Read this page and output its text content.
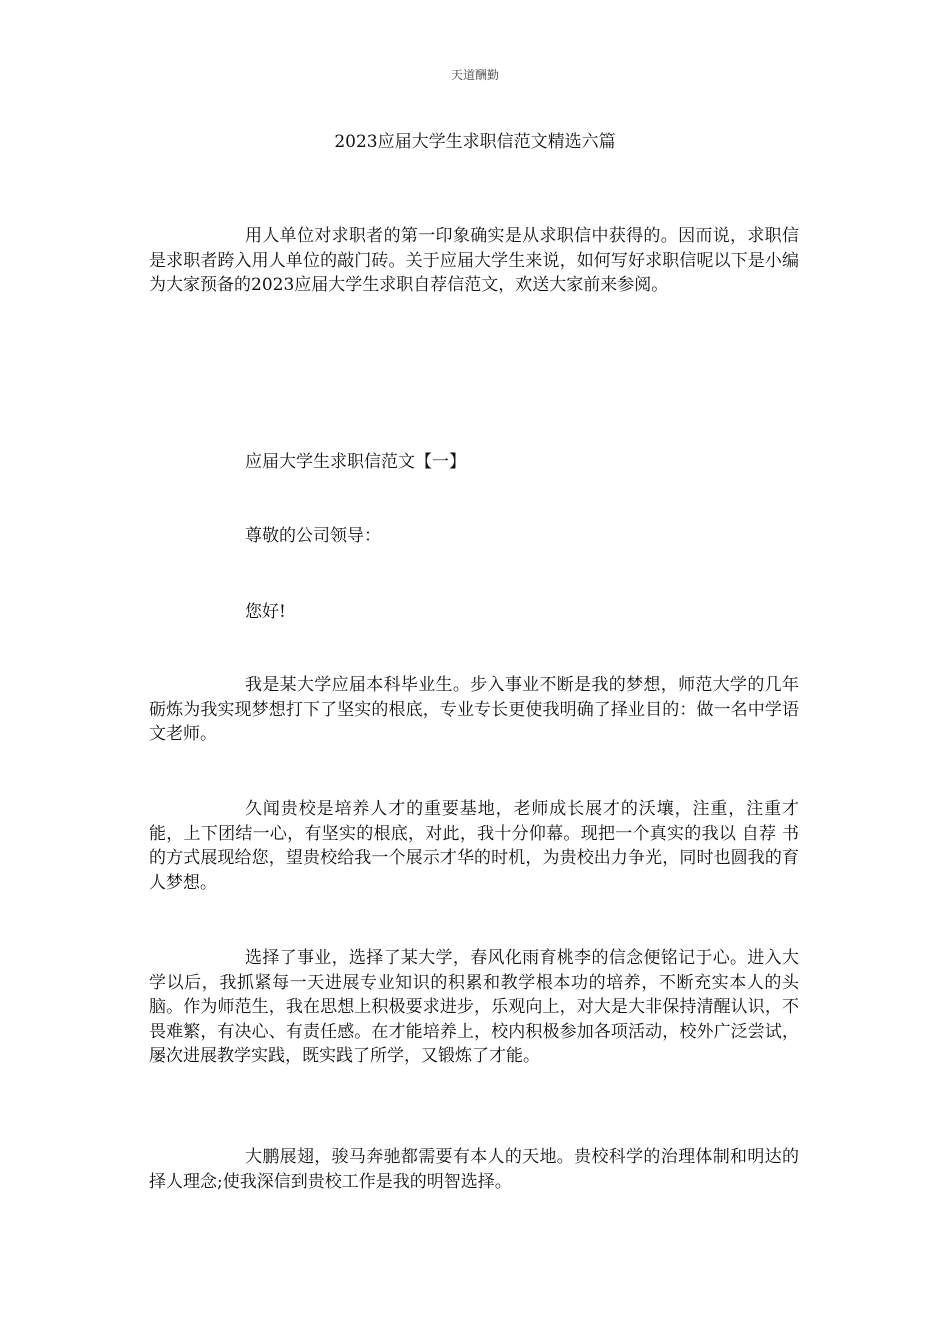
天道酬勤
2023应届大学生求职信范文精选六篇

用人单位对求职者的第一印象确实是从求职信中获得的。因而说，求职信是求职者跨入用人单位的敲门砖。关于应届大学生来说，如何写好求职信呢以下是小编为大家预备的2023应届大学生求职自荐信范文，欢送大家前来参阅。

应届大学生求职信范文【一】

尊敬的公司领导：

您好!

我是某大学应届本科毕业生。步入事业不断是我的梦想，师范大学的几年砺炼为我实现梦想打下了坚实的根底，专业专长更使我明确了择业目的：做一名中学语文老师。

久闻贵校是培养人才的重要基地，老师成长展才的沃壤，注重，注重才能，上下团结一心，有坚实的根底，对此，我十分仰幕。现把一个真实的我以 自荐 书的方式展现给您，望贵校给我一个展示才华的时机，为贵校出力争光，同时也圆我的育人梦想。

选择了事业，选择了某大学，春风化雨育桃李的信念便铭记于心。进入大学以后，我抓紧每一天进展专业知识的积累和教学根本功的培养，不断充实本人的头脑。作为师范生，我在思想上积极要求进步，乐观向上，对大是大非保持清醒认识，不畏难繁，有决心、有责任感。在才能培养上，校内积极参加各项活动，校外广泛尝试，屡次进展教学实践，既实践了所学，又锻炼了才能。

大鹏展翅，骏马奔驰都需要有本人的天地。贵校科学的治理体制和明达的择人理念;使我深信到贵校工作是我的明智选择。
